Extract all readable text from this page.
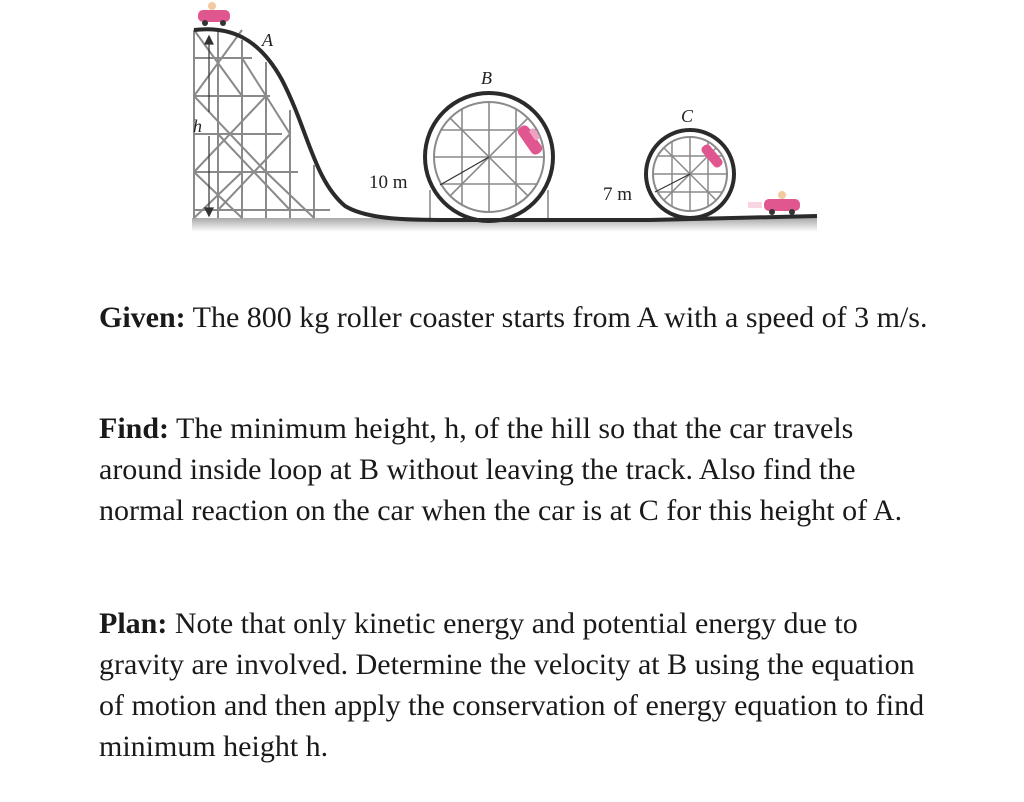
A
B
C
h
10 m
7 m

Given: The 800 kg roller coaster starts from A with a speed of 3 m/s.

Find: The minimum height, h, of the hill so that the car travels around inside loop at B without leaving the track. Also find the normal reaction on the car when the car is at C for this height of A.

Plan: Note that only kinetic energy and potential energy due to gravity are involved. Determine the velocity at B using the equation of motion and then apply the conservation of energy equation to find minimum height h.
